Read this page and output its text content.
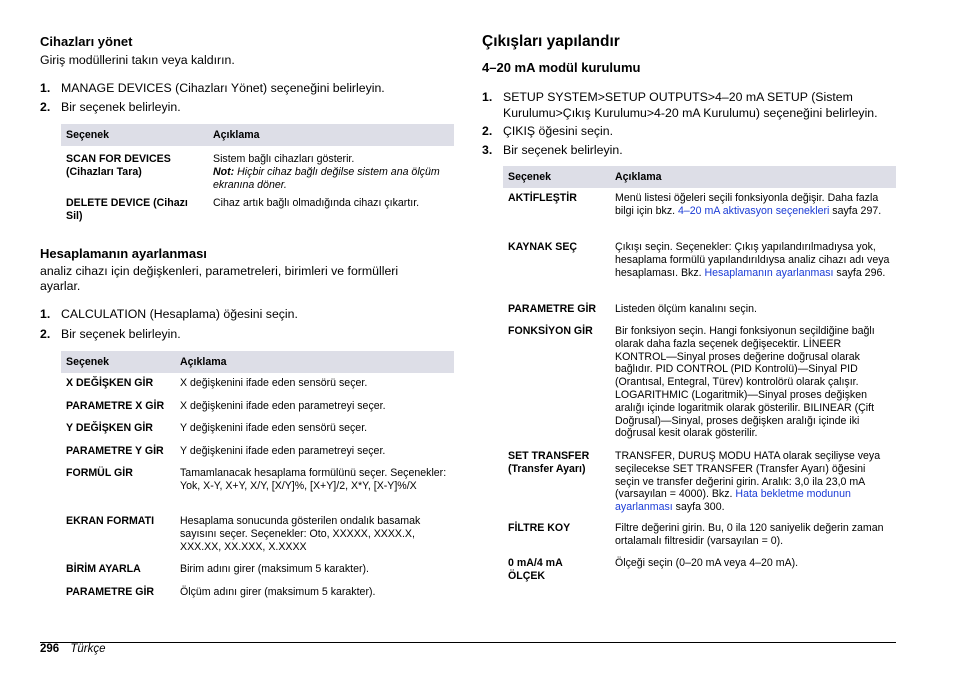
Cihazları yönet

Giriş modüllerini takın veya kaldırın.

1. MANAGE DEVICES (Cihazları Yönet) seçeneğini belirleyin.
2. Bir seçenek belirleyin.
Seçenek	Açıklama
SCAN FOR DEVICES (Cihazları Tara)	Sistem bağlı cihazları gösterir.
Not: Hiçbir cihaz bağlı değilse sistem ana ölçüm ekranına döner.
DELETE DEVICE (Cihazı Sil)	Cihaz artık bağlı olmadığında cihazı çıkartır.
Hesaplamanın ayarlanması

analiz cihazı için değişkenleri, parametreleri, birimleri ve formülleri ayarlar.

1. CALCULATION (Hesaplama) öğesini seçin.
2. Bir seçenek belirleyin.
Seçenek	Açıklama
X DEĞİŞKEN GİR	X değişkenini ifade eden sensörü seçer.
PARAMETRE X GİR	X değişkenini ifade eden parametreyi seçer.
Y DEĞİŞKEN GİR	Y değişkenini ifade eden sensörü seçer.
PARAMETRE Y GİR	Y değişkenini ifade eden parametreyi seçer.
FORMÜL GİR	Tamamlanacak hesaplama formülünü seçer. Seçenekler: Yok, X-Y, X+Y, X/Y, [X/Y]%, [X+Y]/2, X*Y, [X-Y]%/X
EKRAN FORMATI	Hesaplama sonucunda gösterilen ondalık basamak sayısını seçer. Seçenekler: Oto, XXXXX, XXXX.X, XXX.XX, XX.XXX, X.XXXX
BİRİM AYARLA	Birim adını girer (maksimum 5 karakter).
PARAMETRE GİR	Ölçüm adını girer (maksimum 5 karakter).
Çıkışları yapılandır
4–20 mA modül kurulumu
1. SETUP SYSTEM>SETUP OUTPUTS>4–20 mA SETUP (Sistem
Kurulumu>Çıkış Kurulumu>4-20 mA Kurulumu) seçeneğini belirleyin.
2. ÇIKIŞ öğesini seçin.
3. Bir seçenek belirleyin.
Seçenek	Açıklama
AKTİFLEŞTİR	Menü listesi öğeleri seçili fonksiyonla değişir. Daha fazla bilgi için bkz. 4–20 mA aktivasyon seçenekleri sayfa 297.
KAYNAK SEÇ	Çıkışı seçin. Seçenekler: Çıkış yapılandırılmadıysa yok, hesaplama formülü yapılandırıldıysa analiz cihazı adı veya hesaplaması. Bkz. Hesaplamanın ayarlanması sayfa 296.
PARAMETRE GİR	Listeden ölçüm kanalını seçin.
FONKSİYON GİR	Bir fonksiyon seçin. Hangi fonksiyonun seçildiğine bağlı olarak daha fazla seçenek değişecektir. LİNEER KONTROL—Sinyal proses değerine doğrusal olarak bağlıdır. PID CONTROL (PID Kontrolü)—Sinyal PID (Orantısal, Entegral, Türev) kontrolörü olarak çalışır. LOGARITHMIC (Logaritmik)—Sinyal proses değişken aralığı içinde logaritmik olarak gösterilir. BILINEAR (Çift Doğrusal)—Sinyal, proses değişken aralığı içinde iki doğrusal kesit olarak gösterilir.
SET TRANSFER (Transfer Ayarı)	TRANSFER, DURUŞ MODU HATA olarak seçiliyse veya seçilecekse SET TRANSFER (Transfer Ayarı) öğesini seçin ve transfer değerini girin. Aralık: 3,0 ila 23,0 mA (varsayılan = 4000). Bkz. Hata bekletme modunun ayarlanması sayfa 300.
FİLTRE KOY	Filtre değerini girin. Bu, 0 ila 120 saniyelik değerin zaman ortalamalı filtresidir (varsayılan = 0).
0 mA/4 mA ÖLÇEK	Ölçeği seçin (0–20 mA veya 4–20 mA).
296 Türkçe
